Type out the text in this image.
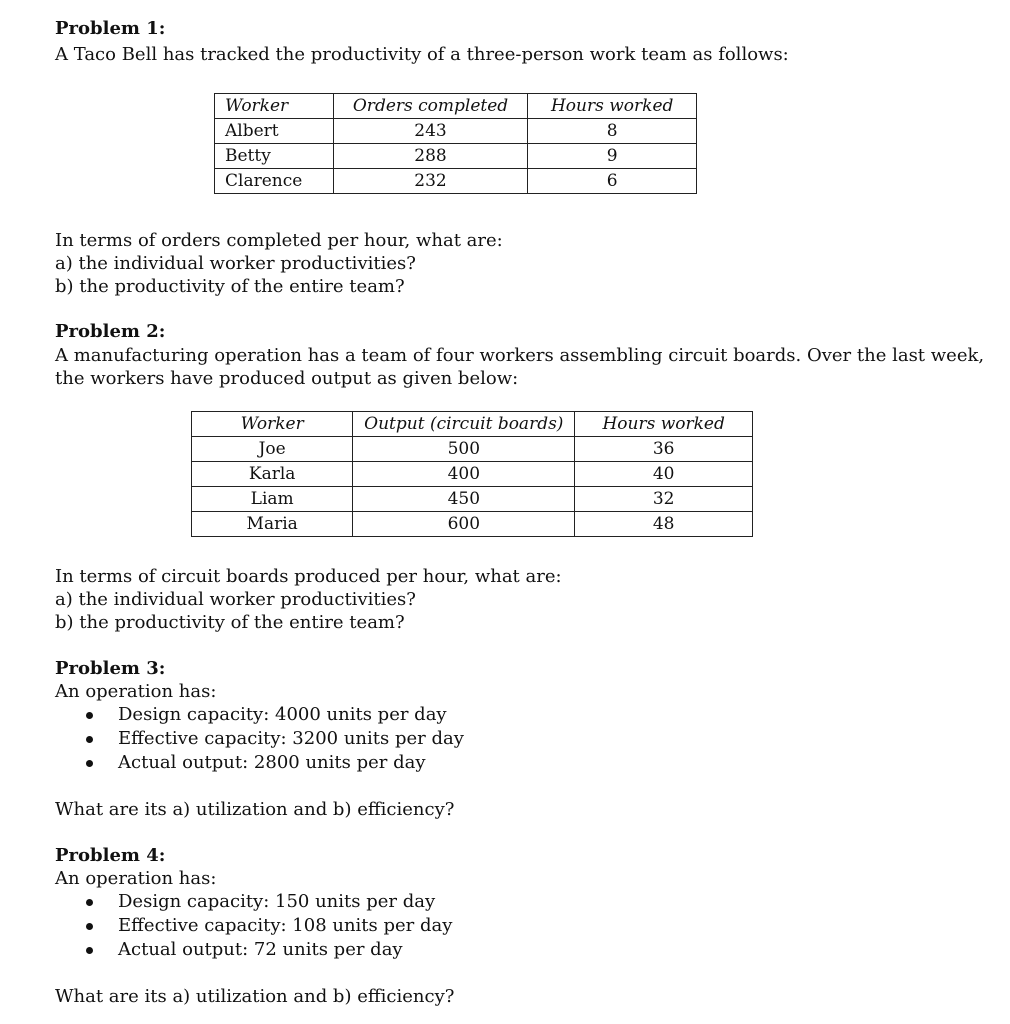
Problem 1:
A Taco Bell has tracked the productivity of a three-person work team as follows:
Worker	Orders completed	Hours worked
Albert	243	8
Betty	288	9
Clarence	232	6
In terms of orders completed per hour, what are:
a) the individual worker productivities?
b) the productivity of the entire team?
Problem 2:
A manufacturing operation has a team of four workers assembling circuit boards. Over the last week,
the workers have produced output as given below:
Worker	Output (circuit boards)	Hours worked
Joe	500	36
Karla	400	40
Liam	450	32
Maria	600	48
In terms of circuit boards produced per hour, what are:
a) the individual worker productivities?
b) the productivity of the entire team?
Problem 3:
An operation has:
Design capacity: 4000 units per day
Effective capacity: 3200 units per day
Actual output: 2800 units per day
What are its a) utilization and b) efficiency?
Problem 4:
An operation has:
Design capacity: 150 units per day
Effective capacity: 108 units per day
Actual output: 72 units per day
What are its a) utilization and b) efficiency?
